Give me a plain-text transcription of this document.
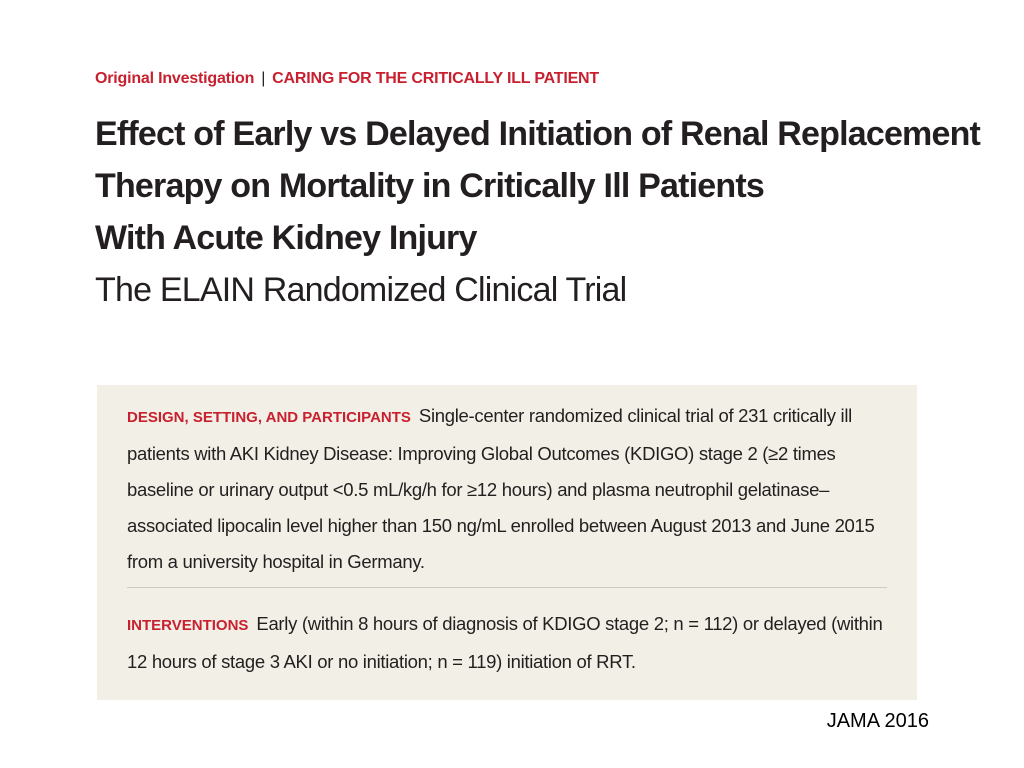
Original Investigation | CARING FOR THE CRITICALLY ILL PATIENT
Effect of Early vs Delayed Initiation of Renal Replacement
Therapy on Mortality in Critically Ill Patients
With Acute Kidney Injury
The ELAIN Randomized Clinical Trial
DESIGN, SETTING, AND PARTICIPANTS Single-center randomized clinical trial of 231 critically ill patients with AKI Kidney Disease: Improving Global Outcomes (KDIGO) stage 2 (≥2 times baseline or urinary output <0.5 mL/kg/h for ≥12 hours) and plasma neutrophil gelatinase–associated lipocalin level higher than 150 ng/mL enrolled between August 2013 and June 2015 from a university hospital in Germany.
INTERVENTIONS Early (within 8 hours of diagnosis of KDIGO stage 2; n = 112) or delayed (within 12 hours of stage 3 AKI or no initiation; n = 119) initiation of RRT.
JAMA 2016
